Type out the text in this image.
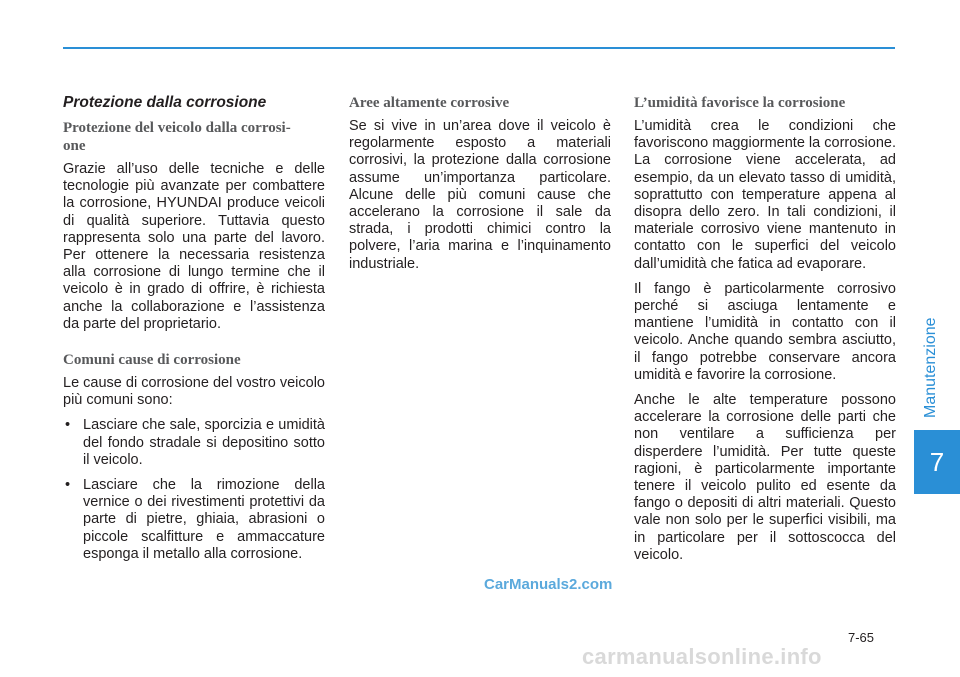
Protezione dalla corrosione
Protezione del veicolo dalla corrosi-
one
Grazie all’uso delle tecniche e delle tecnologie più avanzate per combattere la corrosione, HYUNDAI produce veicoli di qualità superiore. Tuttavia questo rappresenta solo una parte del lavoro. Per ottenere la necessaria resistenza alla corrosione di lungo termine che il veicolo è in grado di offrire, è richiesta anche la collaborazione e l’assistenza da parte del proprietario.
Comuni cause di corrosione
Le cause di corrosione del vostro veicolo più comuni sono:
• Lasciare che sale, sporcizia e umidità del fondo stradale si depositino sotto il veicolo.
• Lasciare che la rimozione della vernice o dei rivestimenti protettivi da parte di pietre, ghiaia, abrasioni o piccole scalfitture e ammaccature esponga il metallo alla corrosione.
Aree altamente corrosive
Se si vive in un’area dove il veicolo è regolarmente esposto a materiali corrosivi, la protezione dalla corrosione assume un’importanza particolare. Alcune delle più comuni cause che accelerano la corrosione il sale da strada, i prodotti chimici contro la polvere, l’aria marina e l’inquinamento industriale.
L’umidità favorisce la corrosione
L’umidità crea le condizioni che favoriscono maggiormente la corrosione. La corrosione viene accelerata, ad esempio, da un elevato tasso di umidità, soprattutto con temperature appena al disopra dello zero. In tali condizioni, il materiale corrosivo viene mantenuto in contatto con le superfici del veicolo dall’umidità che fatica ad evaporare.
Il fango è particolarmente corrosivo perché si asciuga lentamente e mantiene l’umidità in contatto con il veicolo. Anche quando sembra asciutto, il fango potrebbe conservare ancora umidità e favorire la corrosione.
Anche le alte temperature possono accelerare la corrosione delle parti che non ventilare a sufficienza per disperdere l’umidità. Per tutte queste ragioni, è particolarmente importante tenere il veicolo pulito ed esente da fango o depositi di altri materiali. Questo vale non solo per le superfici visibili, ma in particolare per il sottoscocca del veicolo.
Manutenzione
7
7-65
CarManuals2.com
carmanualsonline.info
